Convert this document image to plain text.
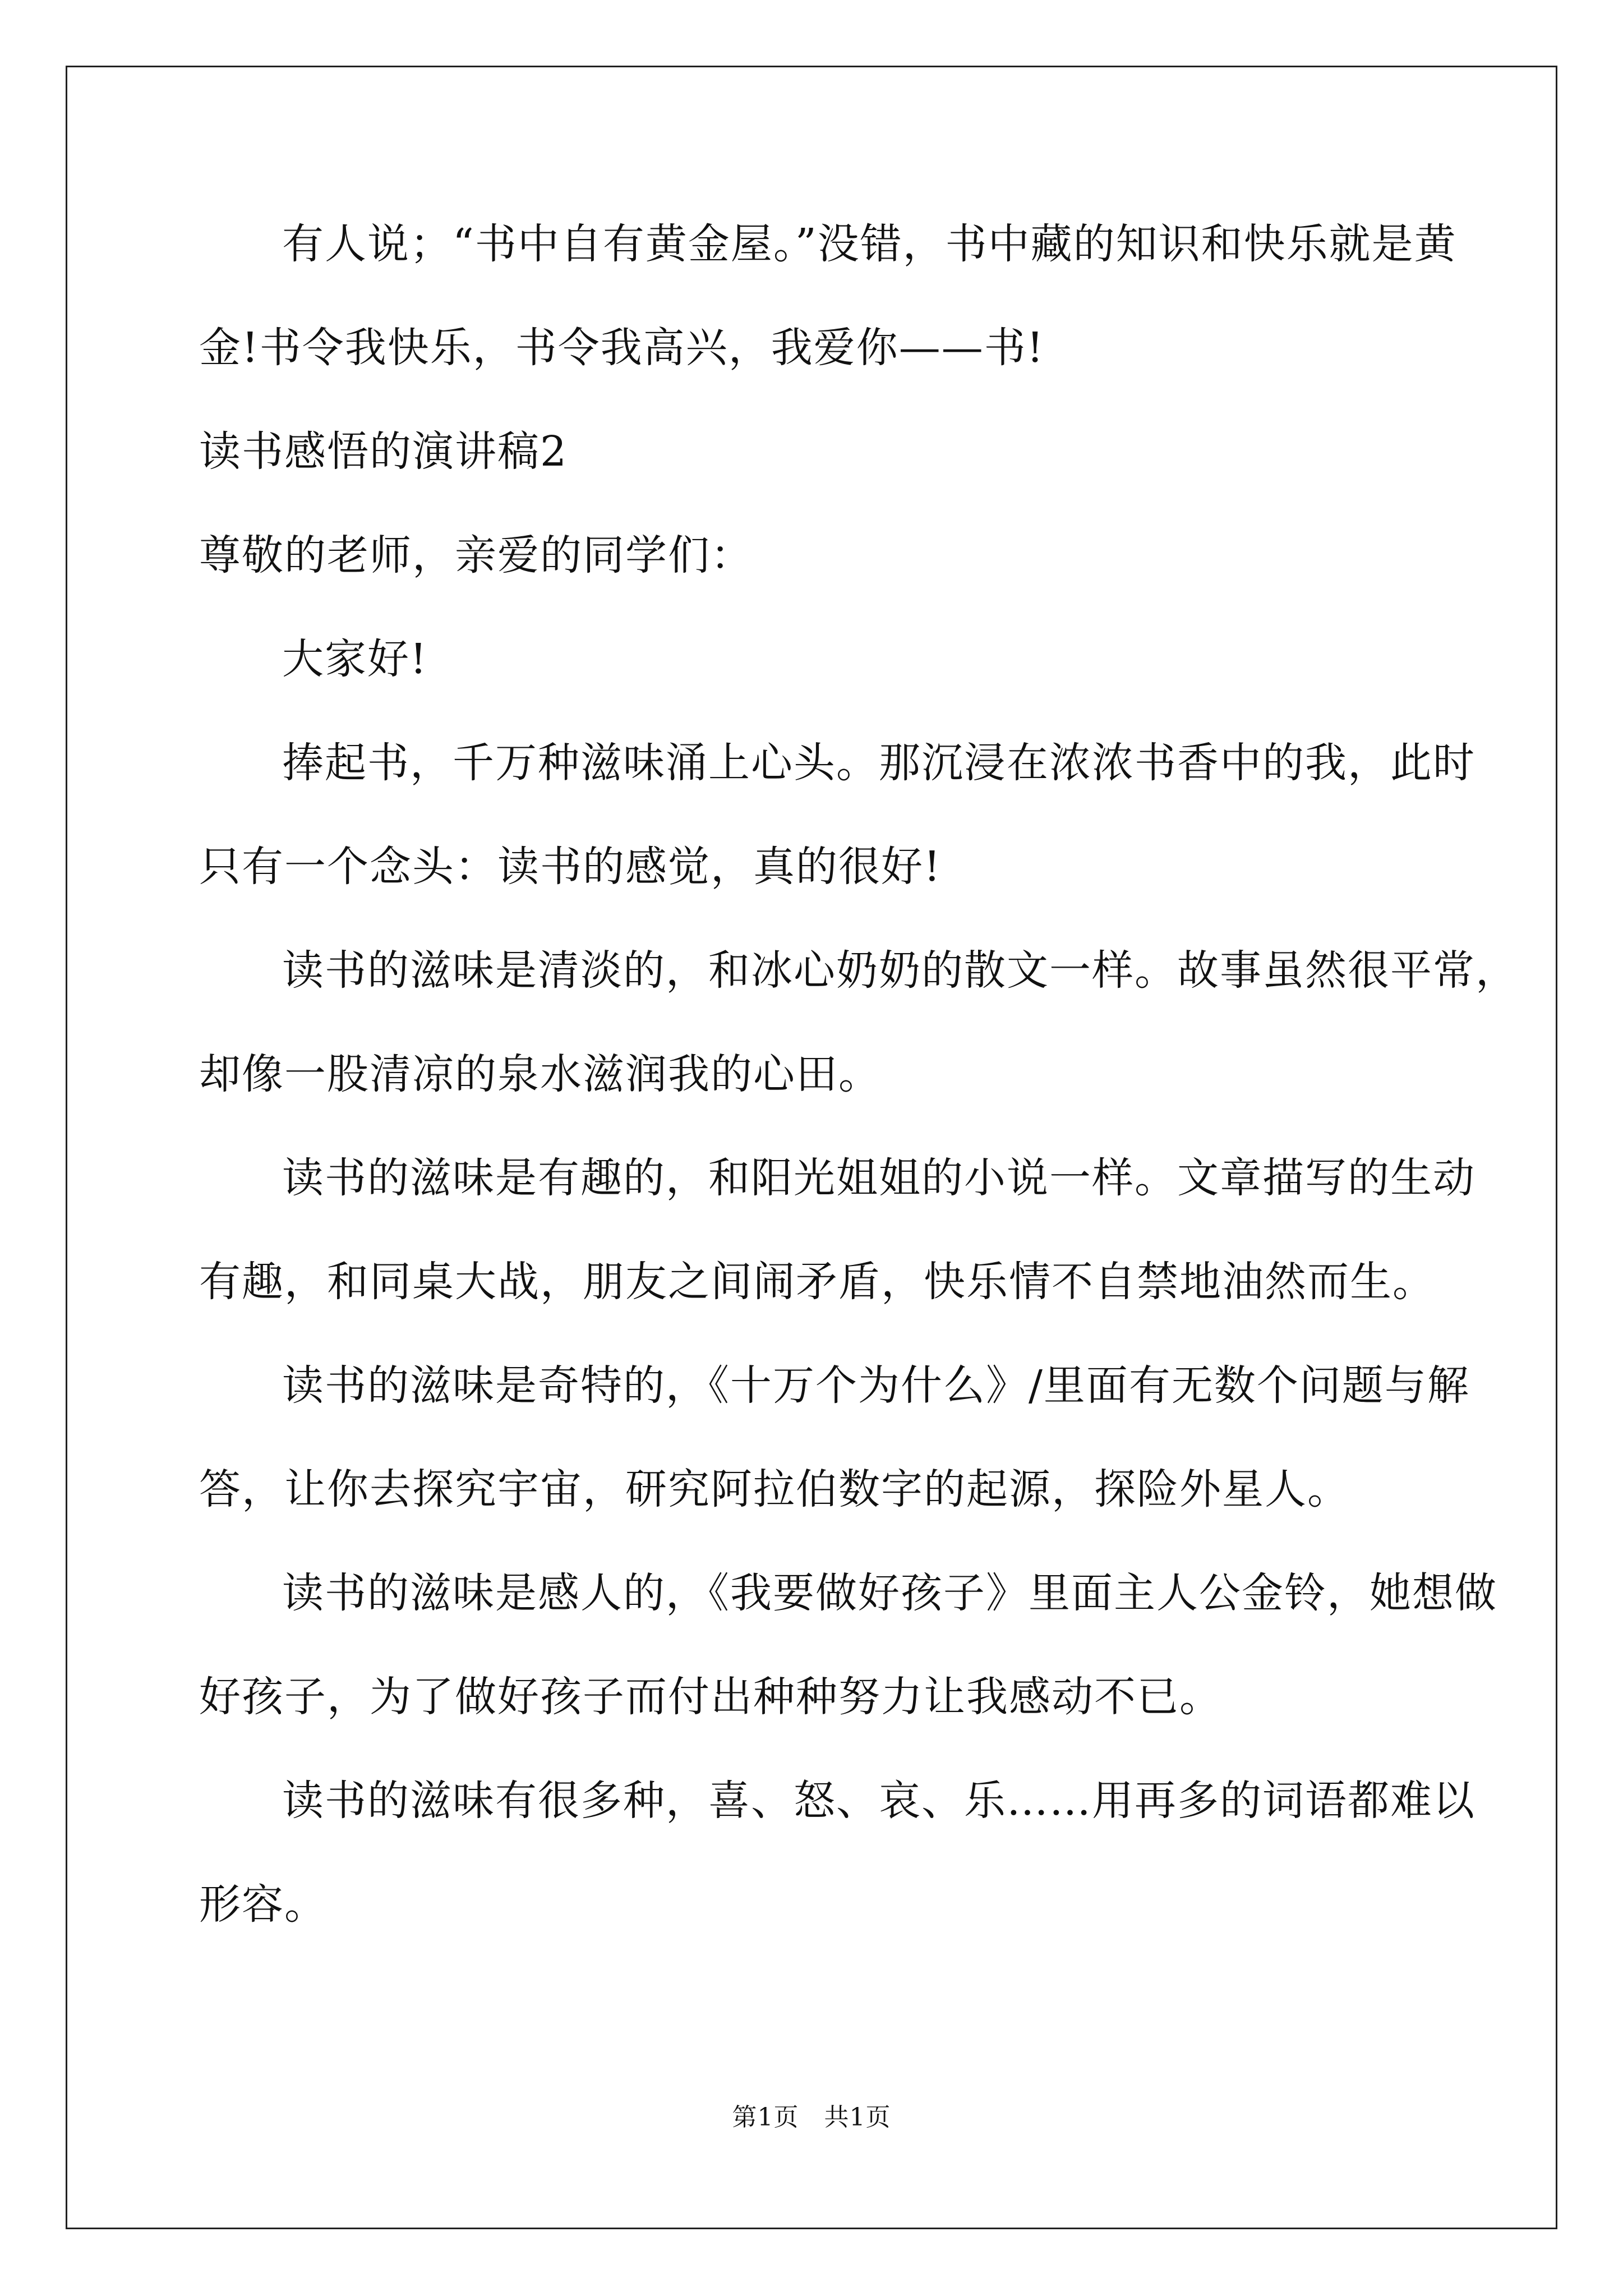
有人说；“书中自有黄金屋。”没错，书中藏的知识和快乐就是黄
金!书令我快乐，书令我高兴，我爱你——书!
读书感悟的演讲稿2
尊敬的老师，亲爱的同学们：
大家好!
捧起书，千万种滋味涌上心头。那沉浸在浓浓书香中的我，此时
只有一个念头：读书的感觉，真的很好!
读书的滋味是清淡的，和冰心奶奶的散文一样。故事虽然很平常，
却像一股清凉的泉水滋润我的心田。
读书的滋味是有趣的，和阳光姐姐的小说一样。文章描写的生动
有趣，和同桌大战，朋友之间闹矛盾，快乐情不自禁地油然而生。
读书的滋味是奇特的，《十万个为什么》/里面有无数个问题与解
答，让你去探究宇宙，研究阿拉伯数字的起源，探险外星人。
读书的滋味是感人的，《我要做好孩子》里面主人公金铃，她想做
好孩子，为了做好孩子而付出种种努力让我感动不已。
读书的滋味有很多种，喜、怒、哀、乐……用再多的词语都难以
形容。
第1页　共1页
